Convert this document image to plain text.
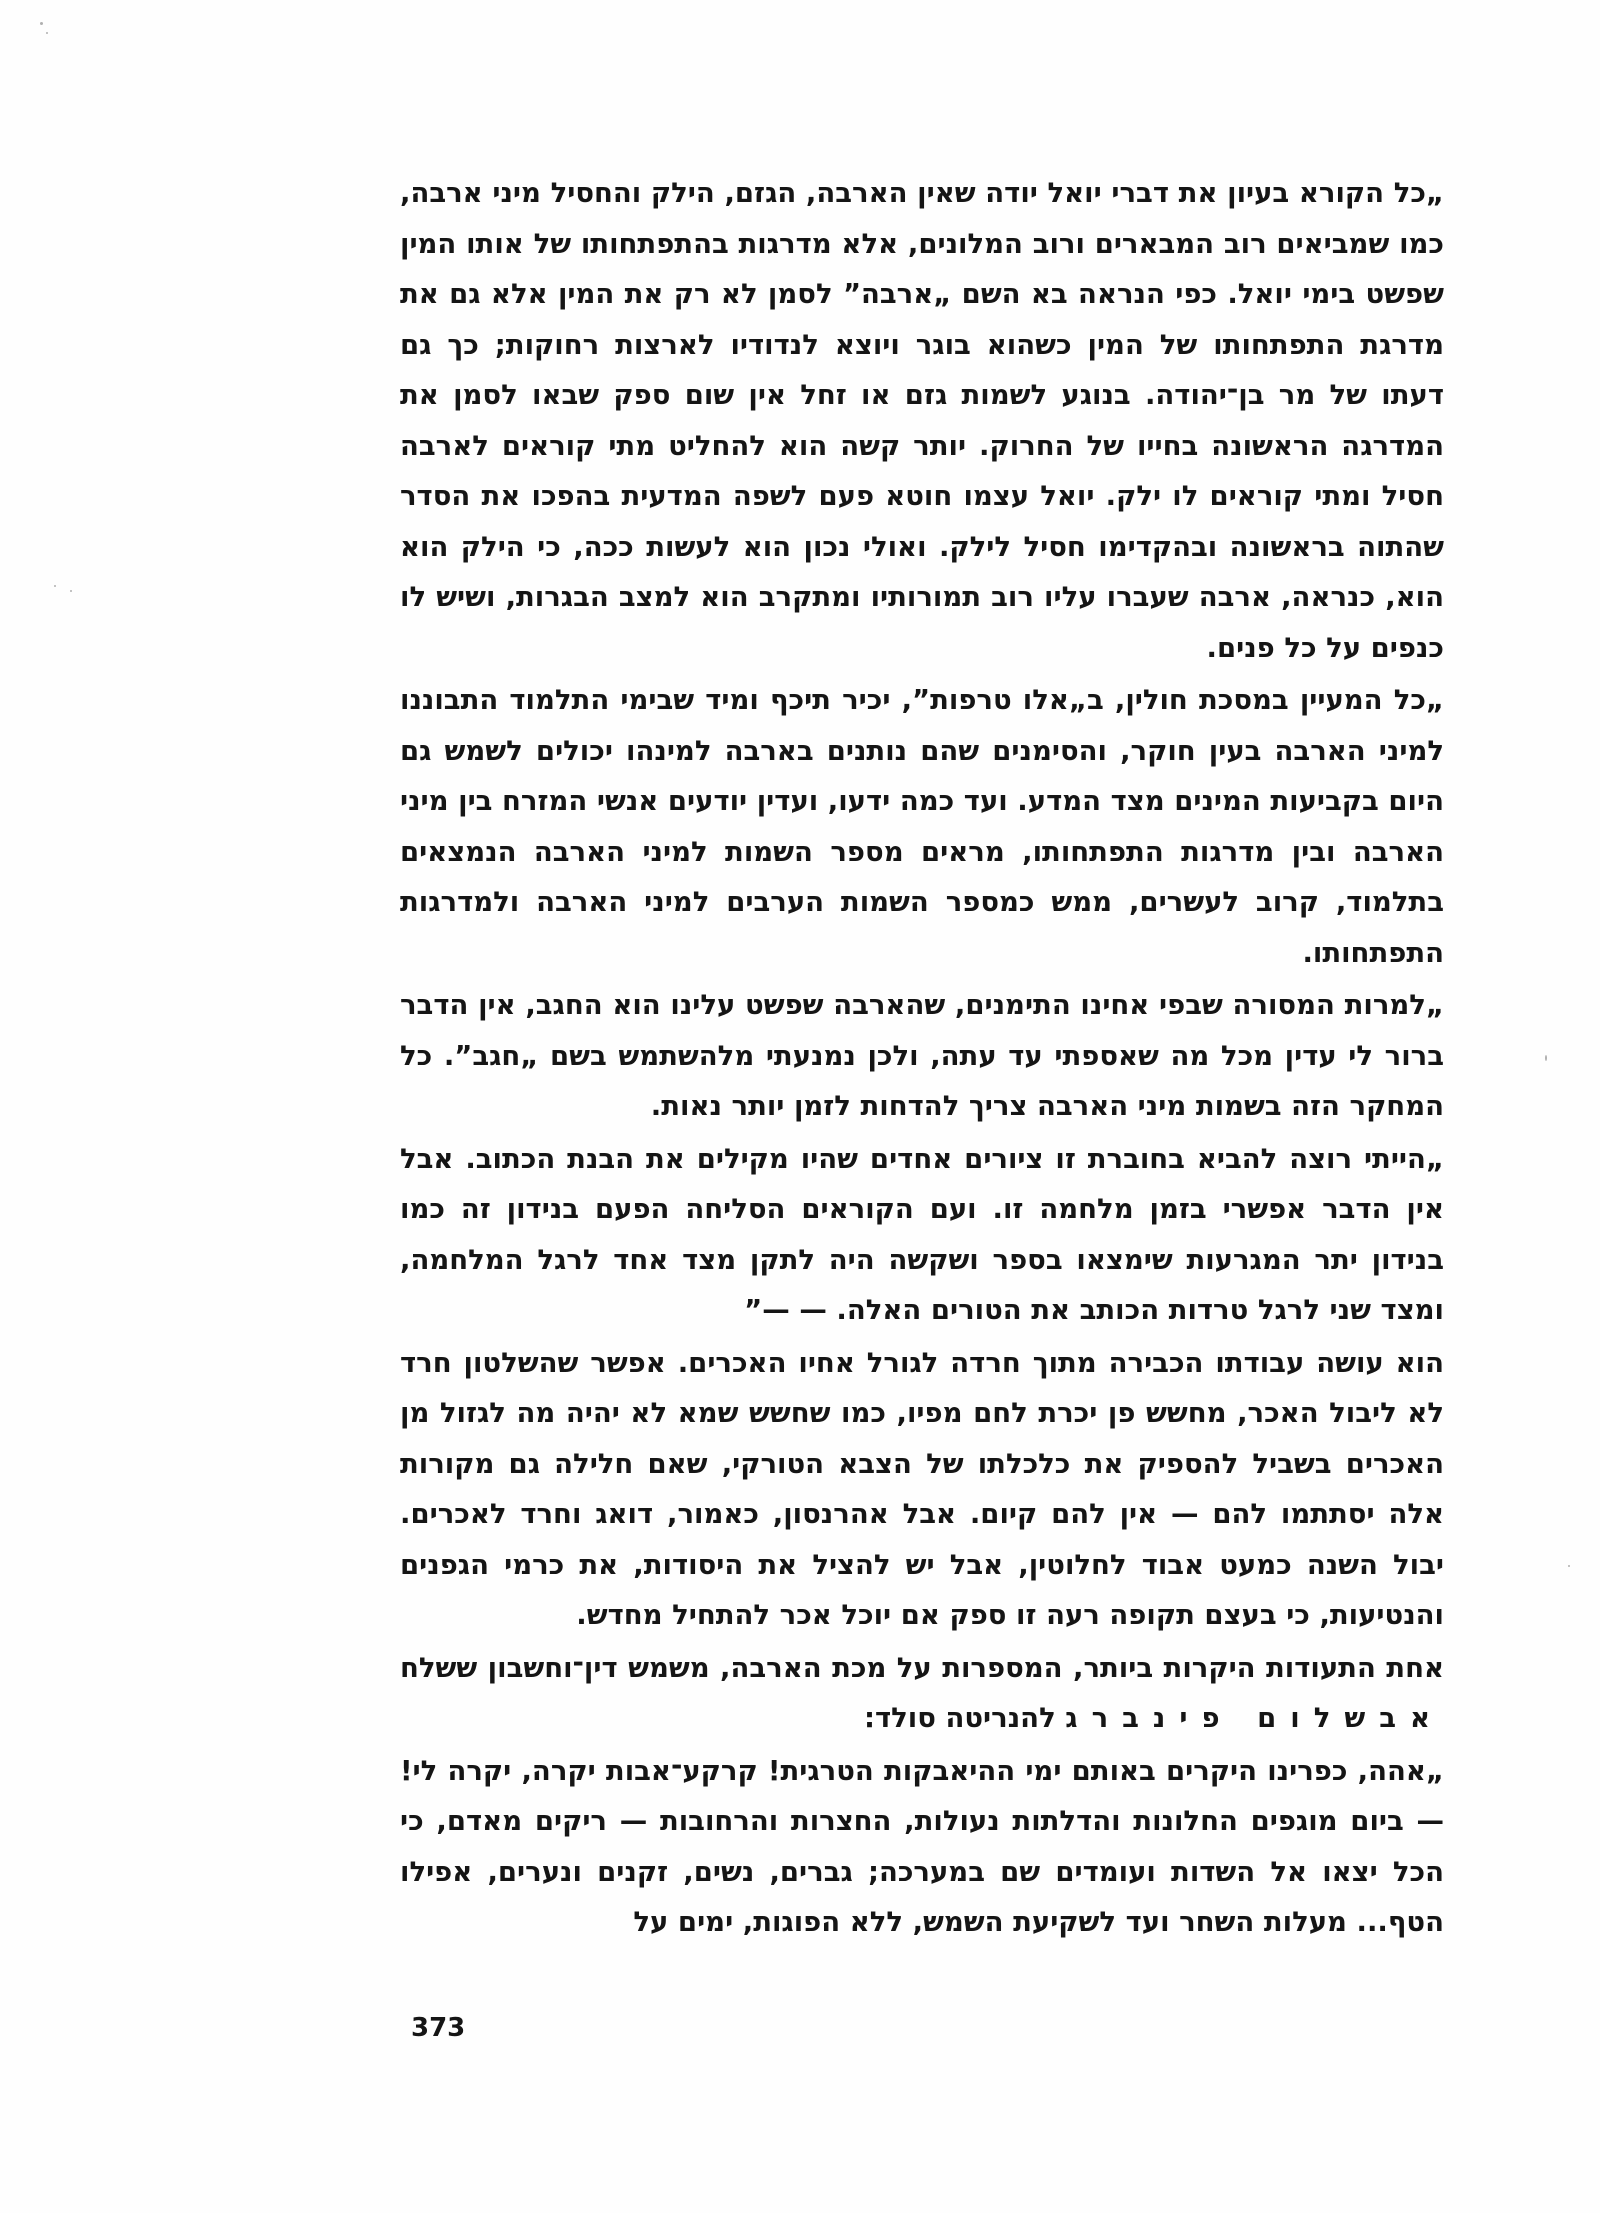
„כל הקורא בעיון את דברי יואל יודה שאין הארבה, הגזם, הילק והחסיל מיני ארבה, כמו שמביאים רוב המבארים ורוב המלונים, אלא מדרגות בהתפתחותו של אותו המין שפשט בימי יואל. כפי הנראה בא השם „ארבה” לסמן לא רק את המין אלא גם את מדרגת התפתחותו של המין כשהוא בוגר ויוצא לנדודיו לארצות רחוקות; כך גם דעתו של מר בן־יהודה. בנוגע לשמות גזם או זחל אין שום ספק שבאו לסמן את המדרגה הראשונה בחייו של החרוק. יותר קשה הוא להחליט מתי קוראים לארבה חסיל ומתי קוראים לו ילק. יואל עצמו חוטא פעם לשפה המדעית בהפכו את הסדר שהתוה בראשונה ובהקדימו חסיל לילק. ואולי נכון הוא לעשות ככה, כי הילק הוא הוא, כנראה, ארבה שעברו עליו רוב תמורותיו ומתקרב הוא למצב הבגרות, ושיש לו כנפים על כל פנים.

„כל המעיין במסכת חולין, ב„אלו טרפות”, יכיר תיכף ומיד שבימי התלמוד התבוננו למיני הארבה בעין חוקר, והסימנים שהם נותנים בארבה למינהו יכולים לשמש גם היום בקביעות המינים מצד המדע. ועד כמה ידעו, ועדין יודעים אנשי המזרח בין מיני הארבה ובין מדרגות התפתחותו, מראים מספר השמות למיני הארבה הנמצאים בתלמוד, קרוב לעשרים, ממש כמספר השמות הערבים למיני הארבה ולמדרגות התפתחותו.

„למרות המסורה שבפי אחינו התימנים, שהארבה שפשט עלינו הוא החגב, אין הדבר ברור לי עדין מכל מה שאספתי עד עתה, ולכן נמנעתי מלהשתמש בשם „חגב”. כל המחקר הזה בשמות מיני הארבה צריך להדחות לזמן יותר נאות.

„הייתי רוצה להביא בחוברת זו ציורים אחדים שהיו מקילים את הבנת הכתוב. אבל אין הדבר אפשרי בזמן מלחמה זו. ועם הקוראים הסליחה הפעם בנידון זה כמו בנידון יתר המגרעות שימצאו בספר ושקשה היה לתקן מצד אחד לרגל המלחמה, ומצד שני לרגל טרדות הכותב את הטורים האלה. — —”

הוא עושה עבודתו הכבירה מתוך חרדה לגורל אחיו האכרים. אפשר שהשלטון חרד לא ליבול האכר, מחשש פן יכרת לחם מפיו, כמו שחשש שמא לא יהיה מה לגזול מן האכרים בשביל להספיק את כלכלתו של הצבא הטורקי, שאם חלילה גם מקורות אלה יסתתמו להם — אין להם קיום. אבל אהרנסון, כאמור, דואג וחרד לאכרים. יבול השנה כמעט אבוד לחלוטין, אבל יש להציל את היסודות, את כרמי הגפנים והנטיעות, כי בעצם תקופה רעה זו ספק אם יוכל אכר להתחיל מחדש.

אחת התעודות היקרות ביותר, המספרות על מכת הארבה, משמש דין־וחשבון ששלח אבשלום פינברג להנריטה סולד:

„אהה, כפרינו היקרים באותם ימי ההיאבקות הטרגית! קרקע־אבות יקרה, יקרה לי! — ביום מוגפים החלונות והדלתות נעולות, החצרות והרחובות — ריקים מאדם, כי הכל יצאו אל השדות ועומדים שם במערכה; גברים, נשים, זקנים ונערים, אפילו הטף... מעלות השחר ועד לשקיעת השמש, ללא הפוגות, ימים על

373
